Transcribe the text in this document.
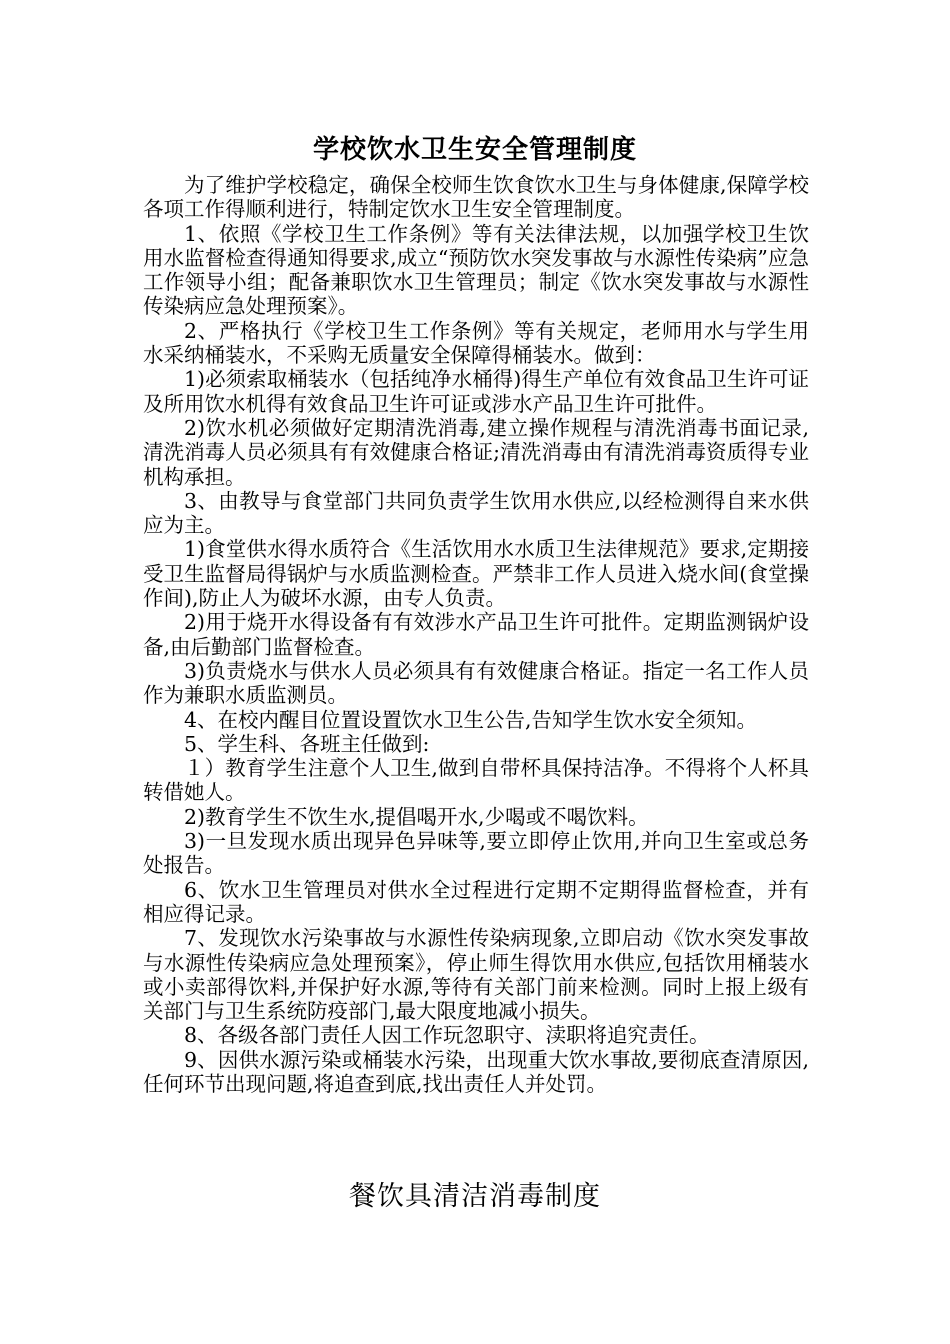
学校饮水卫生安全管理制度

为了维护学校稳定，确保全校师生饮食饮水卫生与身体健康,保障学校各项工作得顺利进行，特制定饮水卫生安全管理制度。

1、依照《学校卫生工作条例》等有关法律法规，以加强学校卫生饮用水监督检查得通知得要求,成立“预防饮水突发事故与水源性传染病”应急工作领导小组；配备兼职饮水卫生管理员；制定《饮水突发事故与水源性传染病应急处理预案》。

2、严格执行《学校卫生工作条例》等有关规定，老师用水与学生用水采纳桶装水，不采购无质量安全保障得桶装水。做到：

1)必须索取桶装水（包括纯净水桶得)得生产单位有效食品卫生许可证及所用饮水机得有效食品卫生许可证或涉水产品卫生许可批件。

2)饮水机必须做好定期清洗消毒,建立操作规程与清洗消毒书面记录,清洗消毒人员必须具有有效健康合格证;清洗消毒由有清洗消毒资质得专业机构承担。

3、由教导与食堂部门共同负责学生饮用水供应,以经检测得自来水供应为主。

1)食堂供水得水质符合《生活饮用水水质卫生法律规范》要求,定期接受卫生监督局得锅炉与水质监测检查。严禁非工作人员进入烧水间(食堂操作间),防止人为破坏水源，由专人负责。

2)用于烧开水得设备有有效涉水产品卫生许可批件。定期监测锅炉设备,由后勤部门监督检查。

3)负责烧水与供水人员必须具有有效健康合格证。指定一名工作人员作为兼职水质监测员。

4、在校内醒目位置设置饮水卫生公告,告知学生饮水安全须知。

5、学生科、各班主任做到:

１）教育学生注意个人卫生,做到自带杯具保持洁净。不得将个人杯具转借她人。

2)教育学生不饮生水,提倡喝开水,少喝或不喝饮料。

3)一旦发现水质出现异色异味等,要立即停止饮用,并向卫生室或总务处报告。

6、饮水卫生管理员对供水全过程进行定期不定期得监督检查，并有相应得记录。

7、发现饮水污染事故与水源性传染病现象,立即启动《饮水突发事故与水源性传染病应急处理预案》，停止师生得饮用水供应,包括饮用桶装水或小卖部得饮料,并保护好水源,等待有关部门前来检测。同时上报上级有关部门与卫生系统防疫部门,最大限度地减小损失。

8、各级各部门责任人因工作玩忽职守、渎职将追究责任。

9、因供水源污染或桶装水污染，出现重大饮水事故,要彻底查清原因,任何环节出现问题,将追查到底,找出责任人并处罚。

餐饮具清洁消毒制度
